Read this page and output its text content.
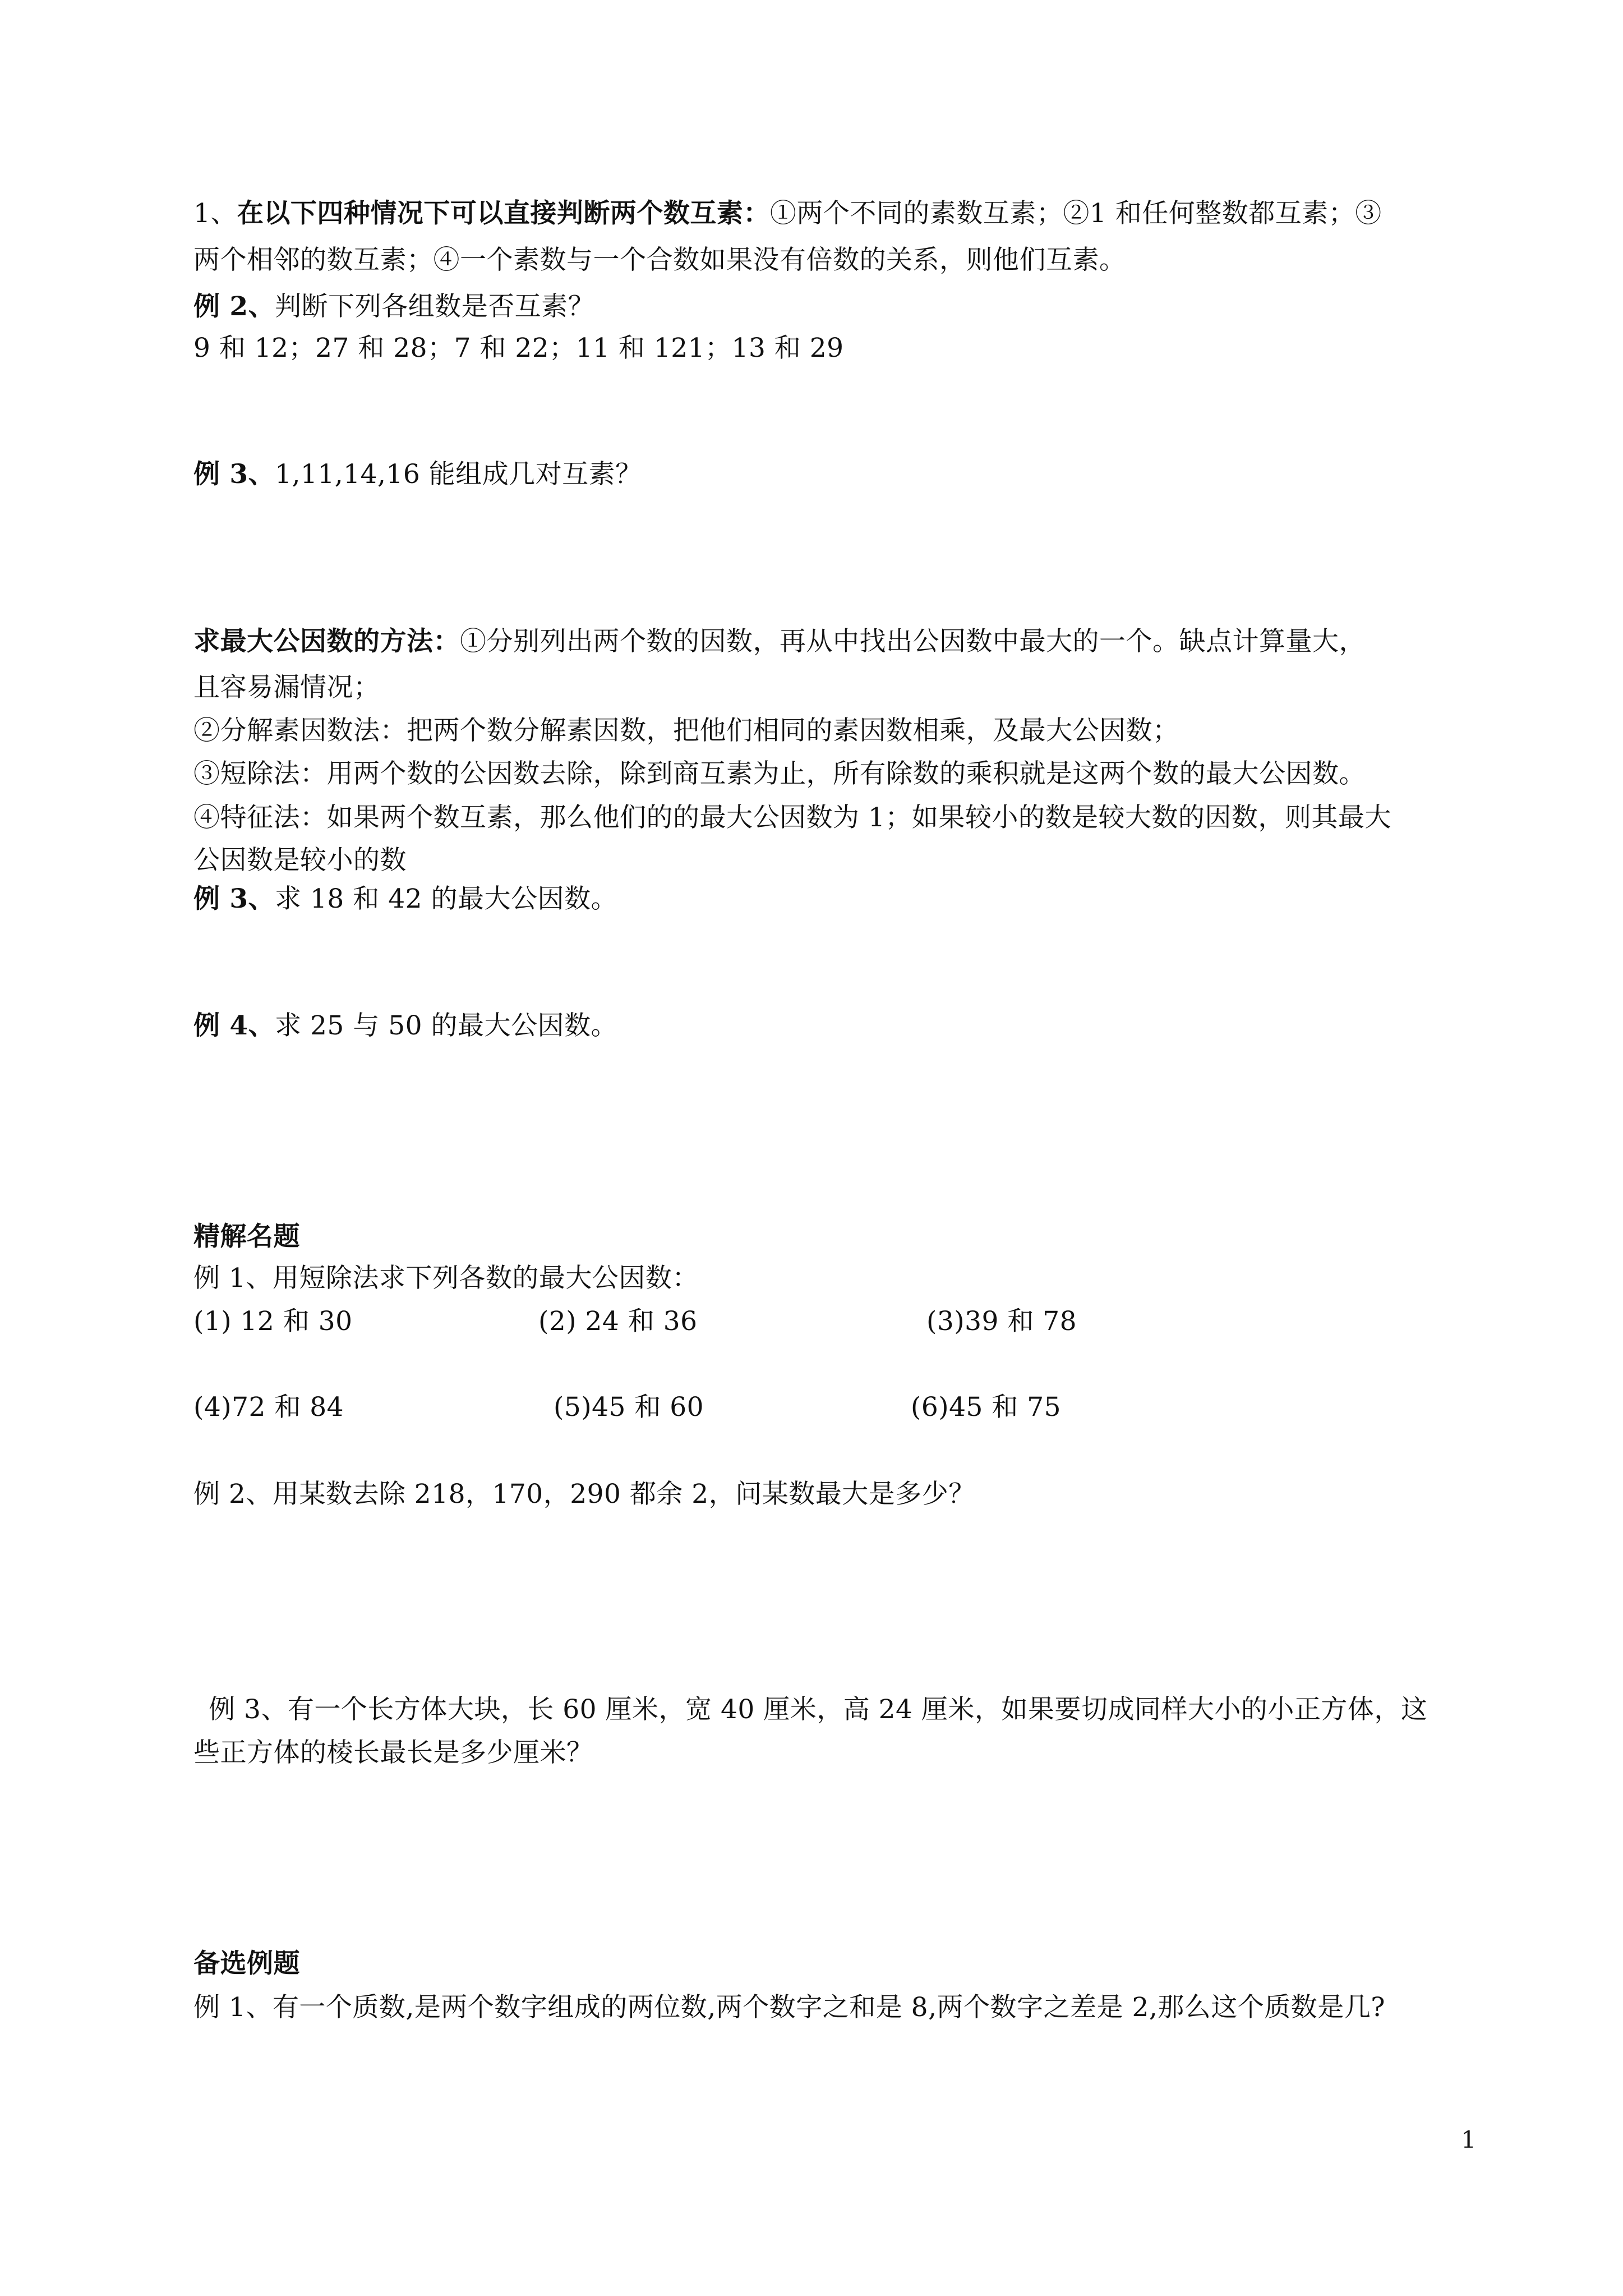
1、在以下四种情况下可以直接判断两个数互素：①两个不同的素数互素；②1 和任何整数都互素；③
两个相邻的数互素；④一个素数与一个合数如果没有倍数的关系，则他们互素。
例 2、判断下列各组数是否互素？
9 和 12；27 和 28；7 和 22；11 和 121；13 和 29
例 3、1,11,14,16 能组成几对互素？
求最大公因数的方法：①分别列出两个数的因数，再从中找出公因数中最大的一个。缺点计算量大，
且容易漏情况；
②分解素因数法：把两个数分解素因数，把他们相同的素因数相乘，及最大公因数；
③短除法：用两个数的公因数去除，除到商互素为止，所有除数的乘积就是这两个数的最大公因数。
④特征法：如果两个数互素，那么他们的的最大公因数为 1；如果较小的数是较大数的因数，则其最大
公因数是较小的数
例 3、求 18 和 42 的最大公因数。
例 4、求 25 与 50 的最大公因数。
精解名题
例 1、用短除法求下列各数的最大公因数：
(1) 12 和 30	(2) 24 和 36	(3)39 和 78
(4)72 和 84	(5)45 和 60	(6)45 和 75
例 2、用某数去除 218，170，290 都余 2，问某数最大是多少？
例 3、有一个长方体大块，长 60 厘米，宽 40 厘米，高 24 厘米，如果要切成同样大小的小正方体，这
些正方体的棱长最长是多少厘米？
备选例题
例 1、有一个质数,是两个数字组成的两位数,两个数字之和是 8,两个数字之差是 2,那么这个质数是几?
1
